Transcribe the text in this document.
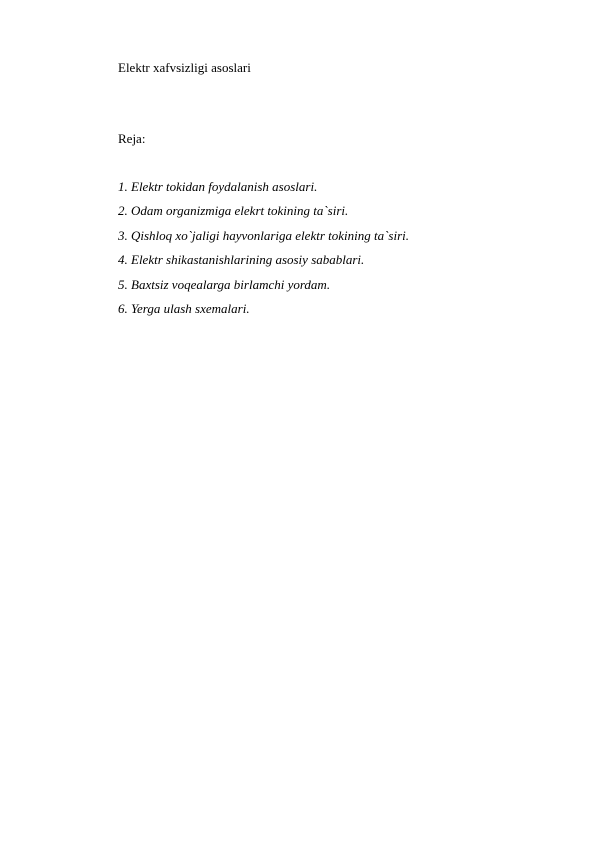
Elektr xafvsizligi asoslari
Reja:
1. Elektr tokidan foydalanish asoslari.
2. Odam organizmiga elekrt tokining ta`siri.
3. Qishloq xo`jaligi hayvonlariga elektr tokining ta`siri.
4. Elektr shikastanishlarining asosiy sabablari.
5. Baxtsiz voqealarga birlamchi yordam.
6. Yerga ulash sxemalari.
